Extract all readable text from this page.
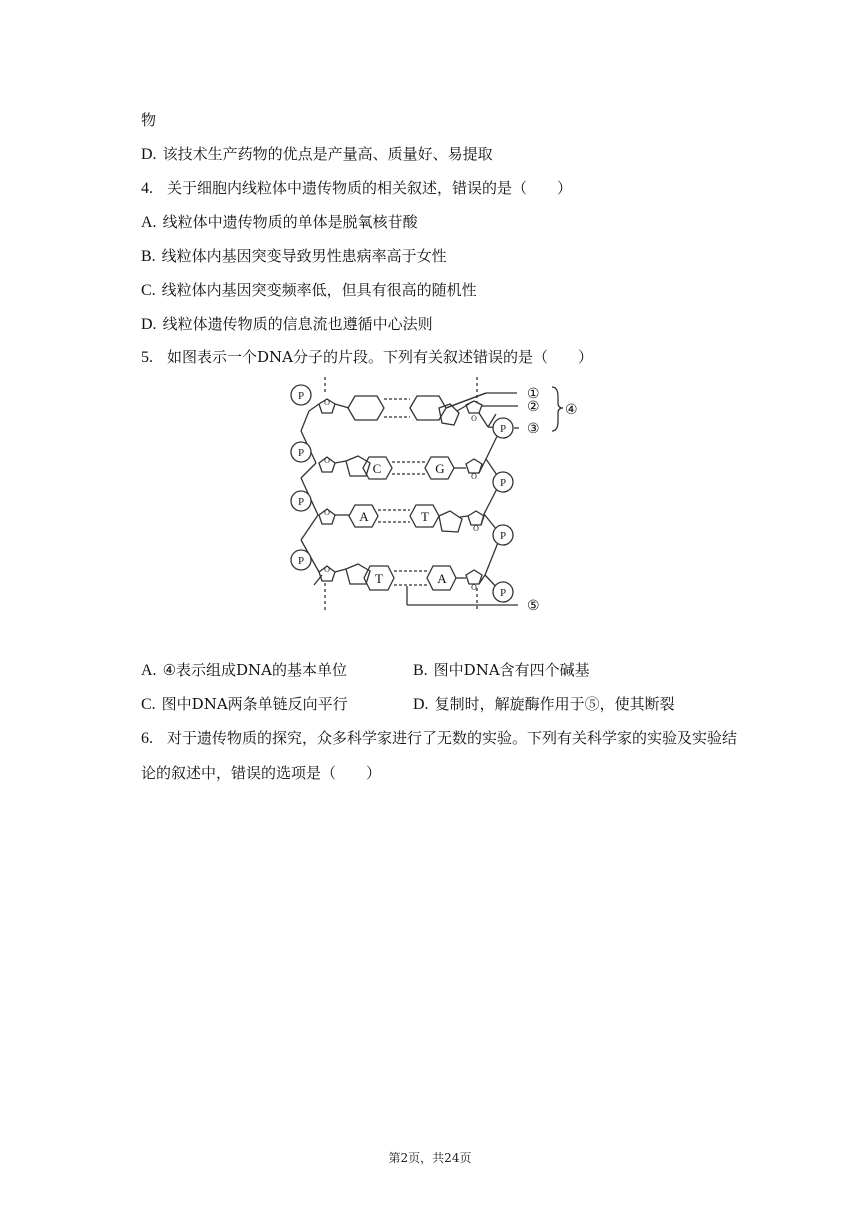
物
D. 该技术生产药物的优点是产量高、质量好、易提取
4. 关于细胞内线粒体中遗传物质的相关叙述，错误的是（　　）
A. 线粒体中遗传物质的单体是脱氧核苷酸
B. 线粒体内基因突变导致男性患病率高于女性
C. 线粒体内基因突变频率低，但具有很高的随机性
D. 线粒体遗传物质的信息流也遵循中心法则
5. 如图表示一个DNA分子的片段。下列有关叙述错误的是（　　）
P
P
P
P
P
P
P
P
O
O
O
O
O
O
O
O
C	G
A	T
T	A
①
②
③
④
⑤
A. ④表示组成DNA的基本单位	B. 图中DNA含有四个碱基
C. 图中DNA两条单链反向平行	D. 复制时，解旋酶作用于⑤，使其断裂
6. 对于遗传物质的探究，众多科学家进行了无数的实验。下列有关科学家的实验及实验结
论的叙述中，错误的选项是（　　）
第2页，共24页
